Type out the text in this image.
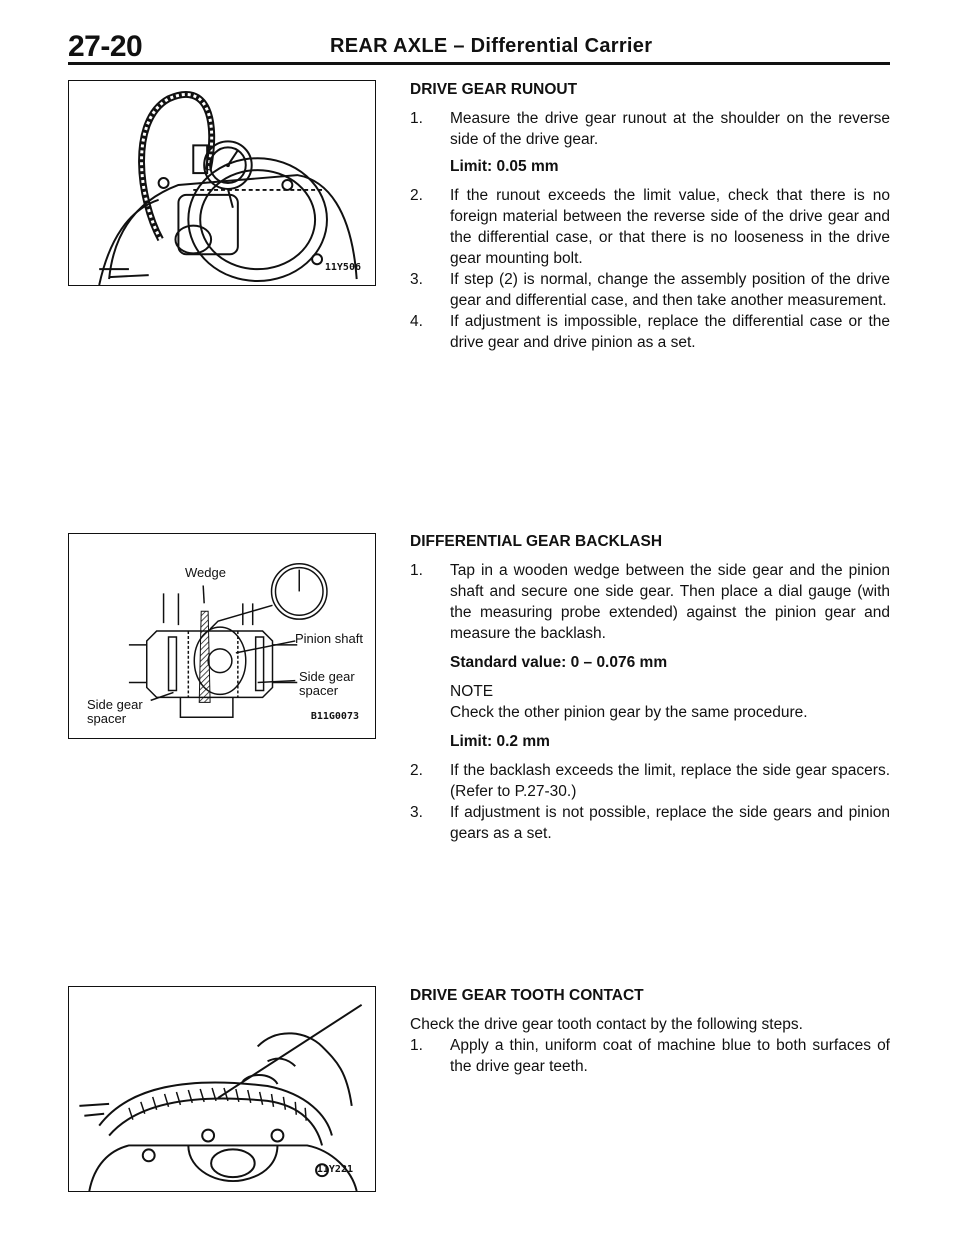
27-20	REAR AXLE – Differential Carrier
11Y506
Wedge
Pinion shaft
Side gear
spacer
Side gear
spacer	B11G0073
11Y221
DRIVE GEAR RUNOUT
1. Measure the drive gear runout at the shoulder on the reverse side of the drive gear.
Limit: 0.05 mm
2. If the runout exceeds the limit value, check that there is no foreign material between the reverse side of the drive gear and the differential case, or that there is no looseness in the drive gear mounting bolt.
3. If step (2) is normal, change the assembly position of the drive gear and differential case, and then take another measurement.
4. If adjustment is impossible, replace the differential case or the drive gear and drive pinion as a set.
DIFFERENTIAL GEAR BACKLASH
1. Tap in a wooden wedge between the side gear and the pinion shaft and secure one side gear. Then place a dial gauge (with the measuring probe extended) against the pinion gear and measure the backlash.
Standard value: 0 – 0.076 mm
NOTE
Check the other pinion gear by the same procedure.
Limit: 0.2 mm
2. If the backlash exceeds the limit, replace the side gear spacers. (Refer to P.27-30.)
3. If adjustment is not possible, replace the side gears and pinion gears as a set.
DRIVE GEAR TOOTH CONTACT
Check the drive gear tooth contact by the following steps.
1. Apply a thin, uniform coat of machine blue to both surfaces of the drive gear teeth.
